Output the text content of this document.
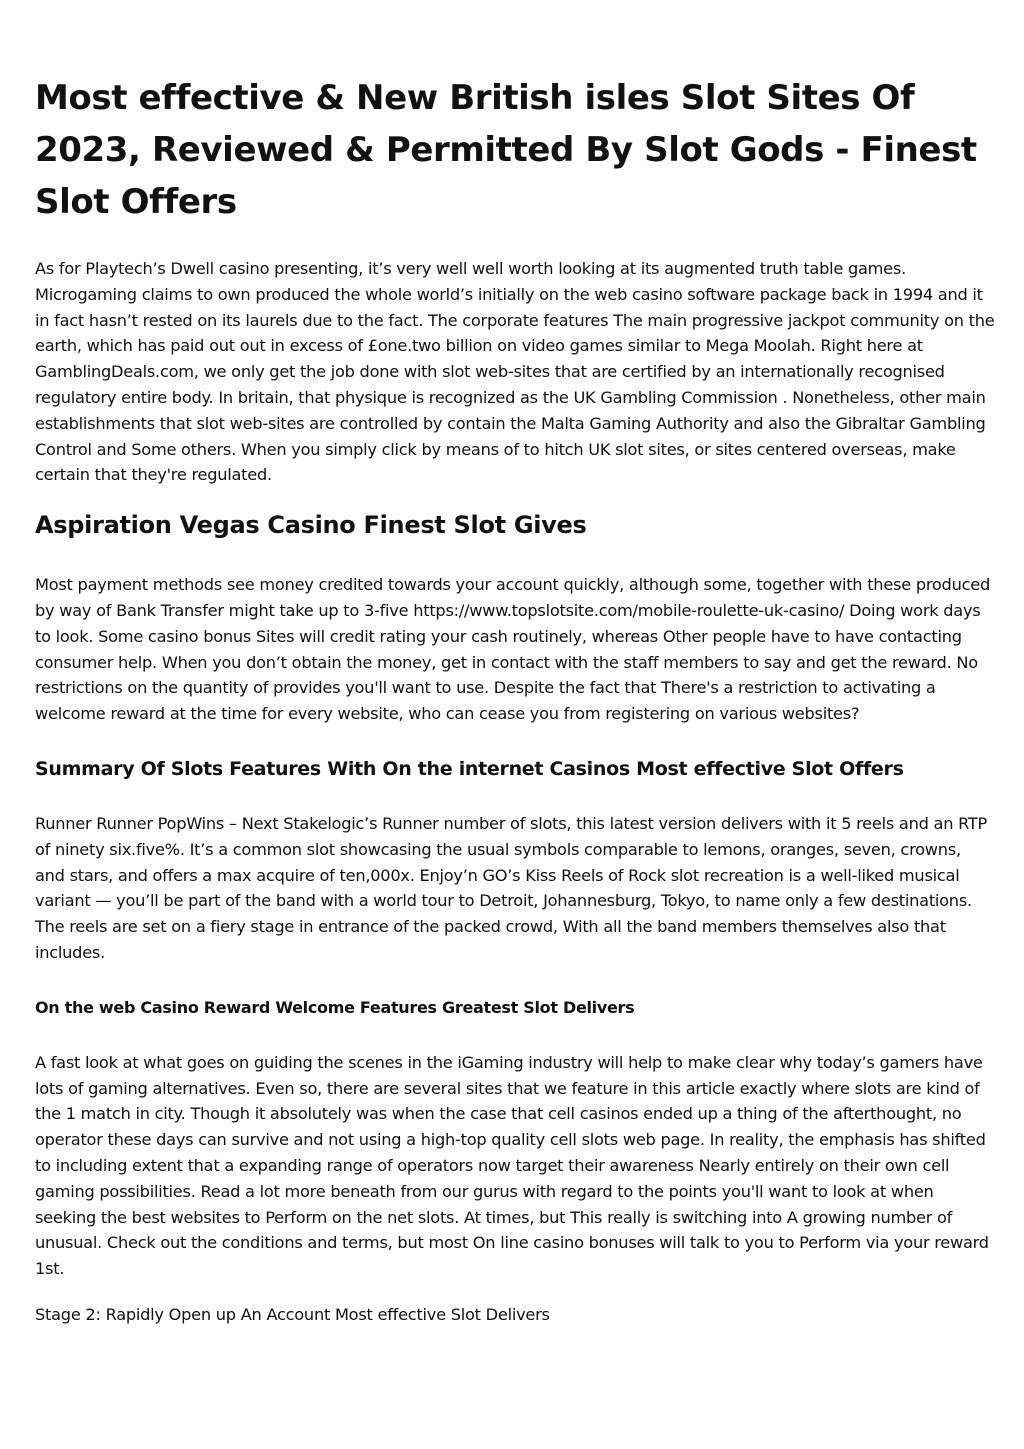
Most effective & New British isles Slot Sites Of 2023, Reviewed & Permitted By Slot Gods - Finest Slot Offers

As for Playtech’s Dwell casino presenting, it’s very well well worth looking at its augmented truth table games. Microgaming claims to own produced the whole world’s initially on the web casino software package back in 1994 and it in fact hasn’t rested on its laurels due to the fact. The corporate features The main progressive jackpot community on the earth, which has paid out out in excess of £one.two billion on video games similar to Mega Moolah. Right here at GamblingDeals.com, we only get the job done with slot web-sites that are certified by an internationally recognised regulatory entire body. In britain, that physique is recognized as the UK Gambling Commission . Nonetheless, other main establishments that slot web-sites are controlled by contain the Malta Gaming Authority and also the Gibraltar Gambling Control and Some others. When you simply click by means of to hitch UK slot sites, or sites centered overseas, make certain that they're regulated.

Aspiration Vegas Casino Finest Slot Gives

Most payment methods see money credited towards your account quickly, although some, together with these produced by way of Bank Transfer might take up to 3-five https://www.topslotsite.com/mobile-roulette-uk-casino/ Doing work days to look. Some casino bonus Sites will credit rating your cash routinely, whereas Other people have to have contacting consumer help. When you don’t obtain the money, get in contact with the staff members to say and get the reward. No restrictions on the quantity of provides you'll want to use. Despite the fact that There's a restriction to activating a welcome reward at the time for every website, who can cease you from registering on various websites?

Summary Of Slots Features With On the internet Casinos Most effective Slot Offers

Runner Runner PopWins – Next Stakelogic’s Runner number of slots, this latest version delivers with it 5 reels and an RTP of ninety six.five%. It’s a common slot showcasing the usual symbols comparable to lemons, oranges, seven, crowns, and stars, and offers a max acquire of ten,000x. Enjoy’n GO’s Kiss Reels of Rock slot recreation is a well-liked musical variant — you’ll be part of the band with a world tour to Detroit, Johannesburg, Tokyo, to name only a few destinations. The reels are set on a fiery stage in entrance of the packed crowd, With all the band members themselves also that includes.

On the web Casino Reward Welcome Features Greatest Slot Delivers

A fast look at what goes on guiding the scenes in the iGaming industry will help to make clear why today’s gamers have lots of gaming alternatives. Even so, there are several sites that we feature in this article exactly where slots are kind of the 1 match in city. Though it absolutely was when the case that cell casinos ended up a thing of the afterthought, no operator these days can survive and not using a high-top quality cell slots web page. In reality, the emphasis has shifted to including extent that a expanding range of operators now target their awareness Nearly entirely on their own cell gaming possibilities. Read a lot more beneath from our gurus with regard to the points you'll want to look at when seeking the best websites to Perform on the net slots. At times, but This really is switching into A growing number of unusual. Check out the conditions and terms, but most On line casino bonuses will talk to you to Perform via your reward 1st.

Stage 2: Rapidly Open up An Account Most effective Slot Delivers
